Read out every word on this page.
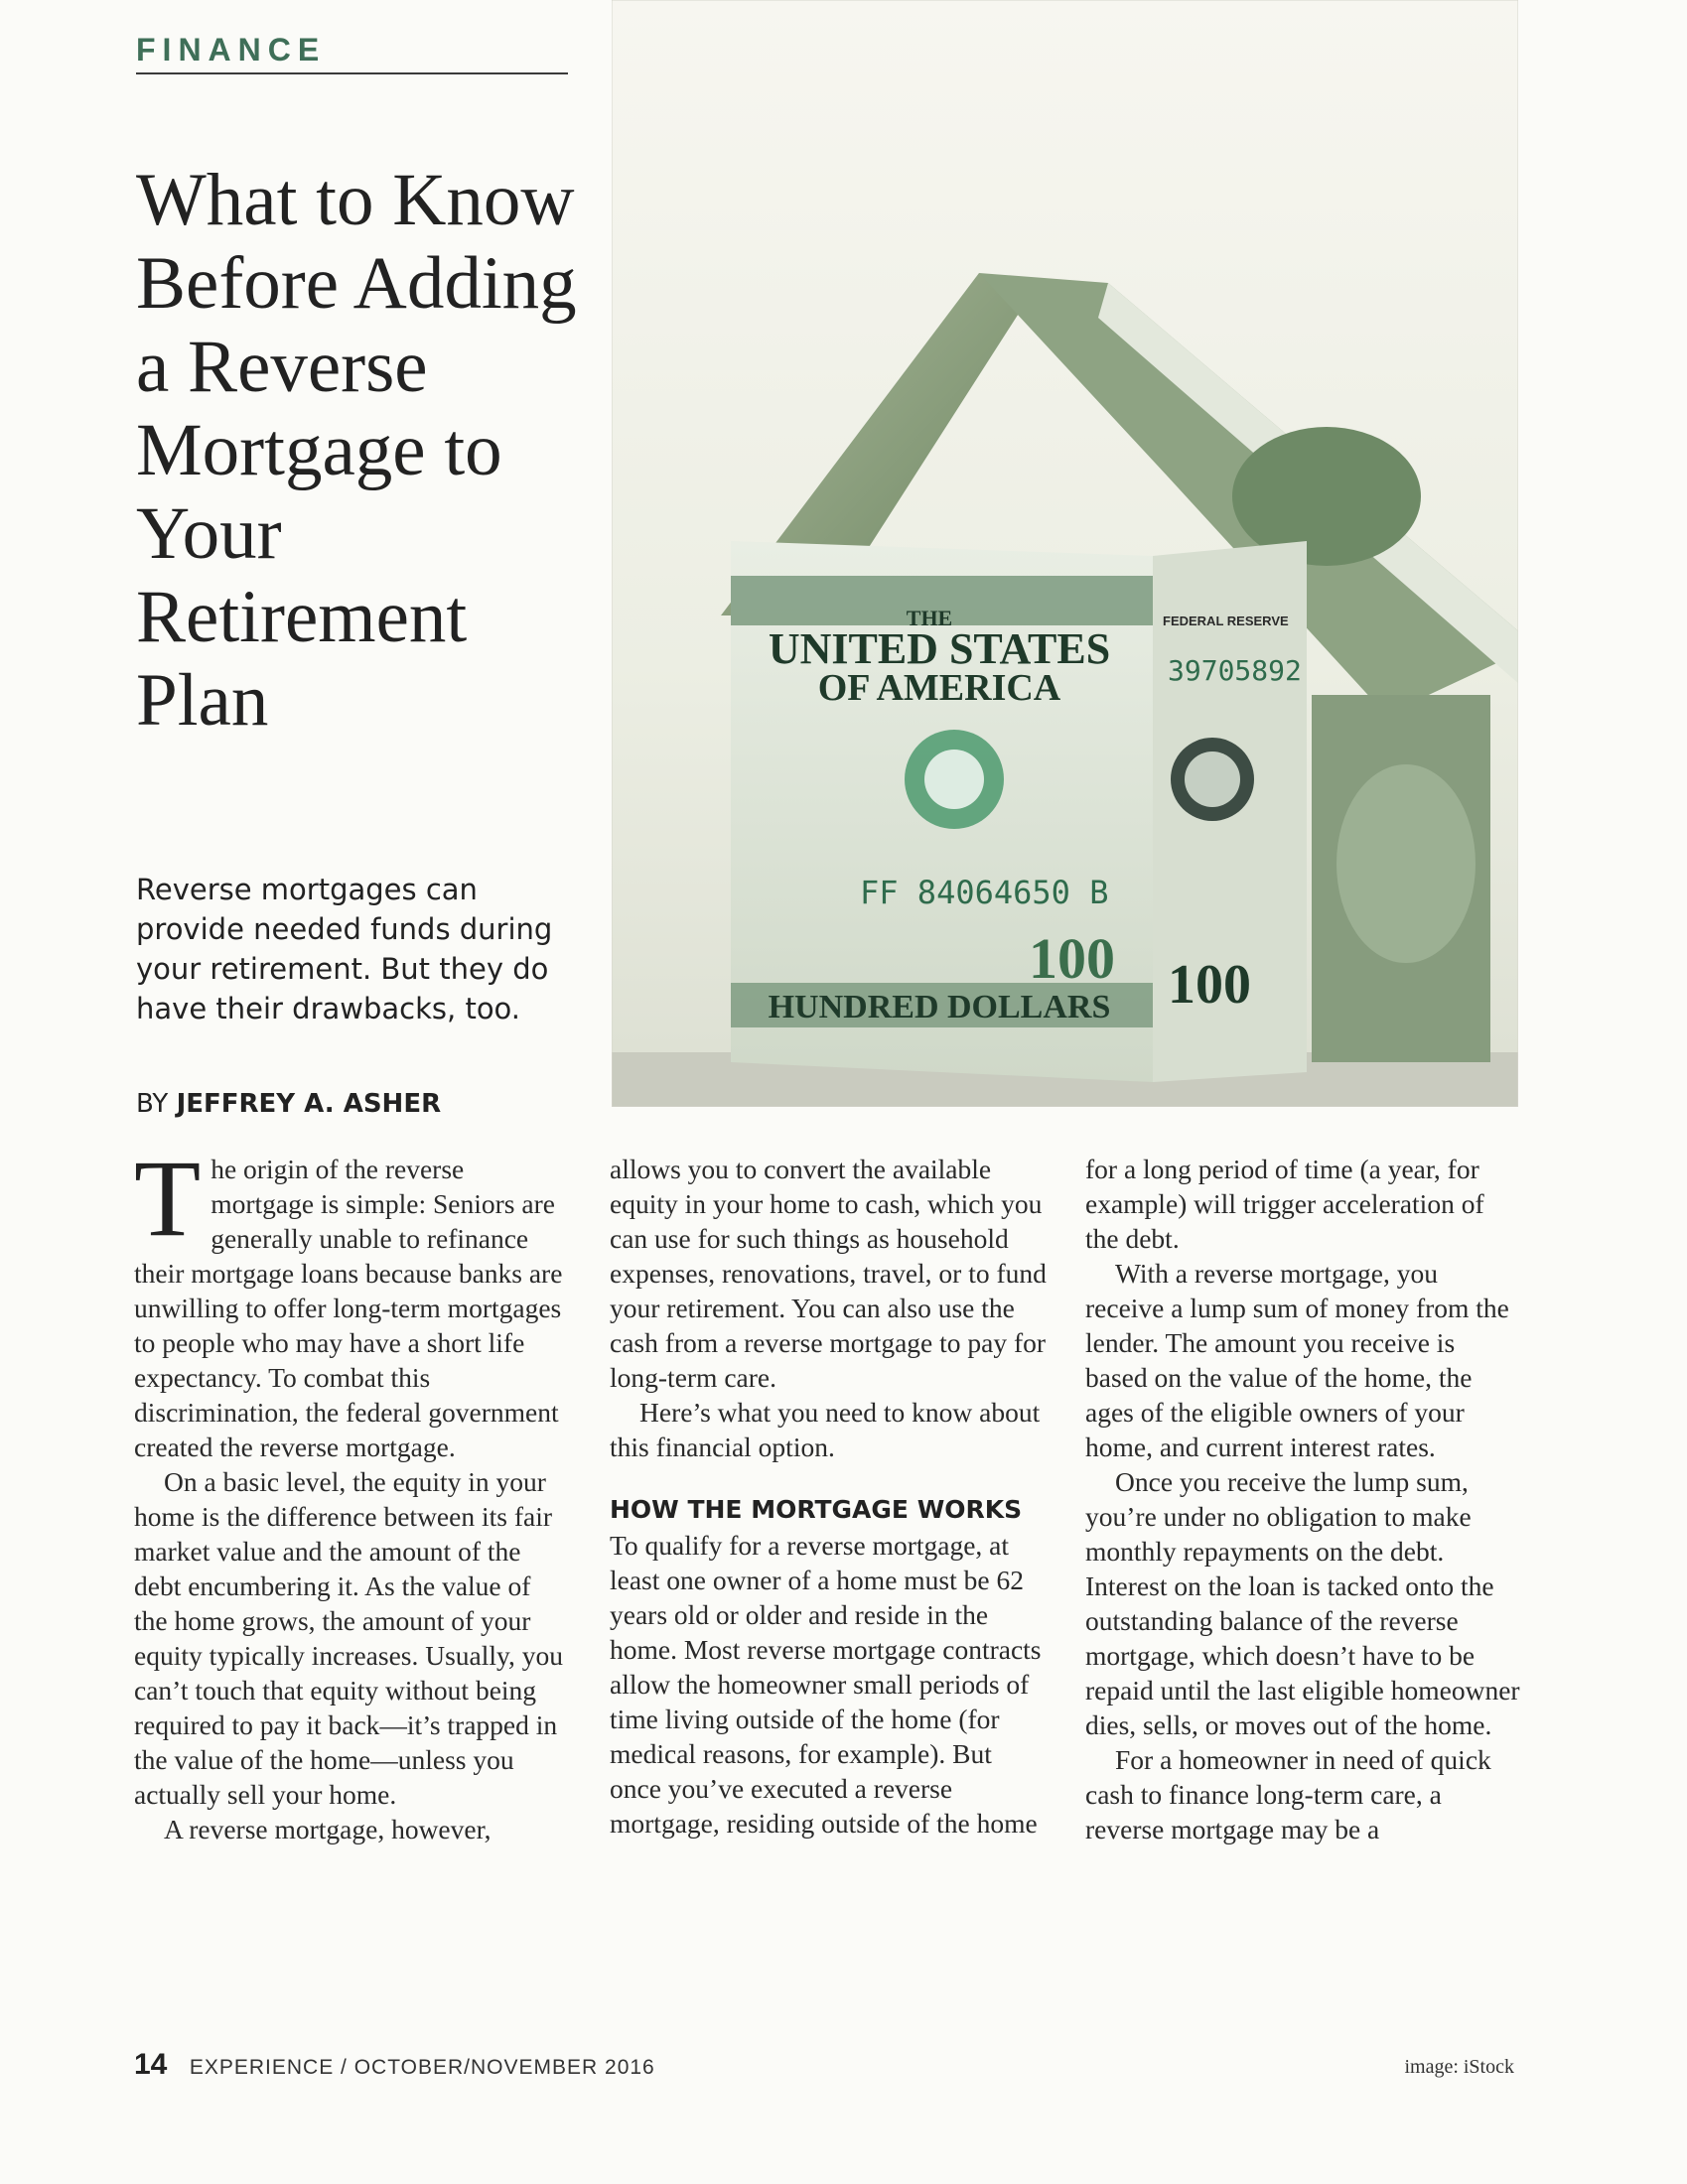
FINANCE
What to Know Before Adding a Reverse Mortgage to Your Retirement Plan

Reverse mortgages can provide needed funds during your retirement. But they do have their drawbacks, too.

BY JEFFREY A. ASHER
THE
UNITED STATES
OF AMERICA
FF 84064650 B
100
HUNDRED DOLLARS
FEDERAL RESERVE
39705892
100

The origin of the reverse mortgage is simple: Seniors are generally unable to refinance their mortgage loans because banks are unwilling to offer long-term mortgages to people who may have a short life expectancy. To combat this discrimination, the federal government created the reverse mortgage.

On a basic level, the equity in your home is the difference between its fair market value and the amount of the debt encumbering it. As the value of the home grows, the amount of your equity typically increases. Usually, you can’t touch that equity without being required to pay it back—it’s trapped in the value of the home—unless you actually sell your home.

A reverse mortgage, however,

allows you to convert the available equity in your home to cash, which you can use for such things as household expenses, renovations, travel, or to fund your retirement. You can also use the cash from a reverse mortgage to pay for long-term care.

Here’s what you need to know about this financial option.

HOW THE MORTGAGE WORKS

To qualify for a reverse mortgage, at least one owner of a home must be 62 years old or older and reside in the home. Most reverse mortgage contracts allow the homeowner small periods of time living outside of the home (for medical reasons, for example). But once you’ve executed a reverse mortgage, residing outside of the home

for a long period of time (a year, for example) will trigger acceleration of the debt.

With a reverse mortgage, you receive a lump sum of money from the lender. The amount you receive is based on the value of the home, the ages of the eligible owners of your home, and current interest rates.

Once you receive the lump sum, you’re under no obligation to make monthly repayments on the debt. Interest on the loan is tacked onto the outstanding balance of the reverse mortgage, which doesn’t have to be repaid until the last eligible homeowner dies, sells, or moves out of the home.

For a homeowner in need of quick cash to finance long-term care, a reverse mortgage may be a

14 EXPERIENCE / OCTOBER/NOVEMBER 2016	image: iStock
